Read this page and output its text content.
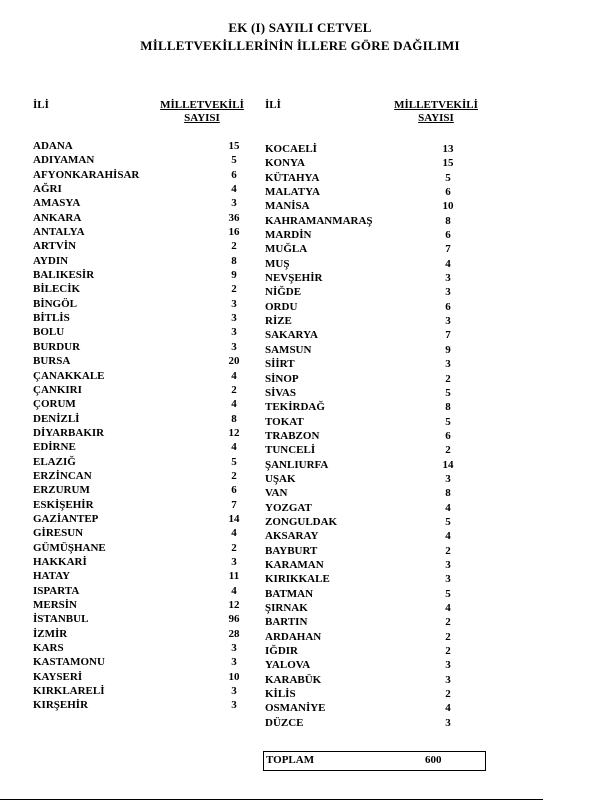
EK (I) SAYILI CETVEL
MİLLETVEKİLLERİNİN İLLERE GÖRE DAĞILIMI
İLİ	MİLLETVEKİLİ
SAYISI
İLİ	MİLLETVEKİLİ
SAYISI
ADANA	15
ADIYAMAN	5
AFYONKARAHİSAR	6
AĞRI	4
AMASYA	3
ANKARA	36
ANTALYA	16
ARTVİN	2
AYDIN	8
BALIKESİR	9
BİLECİK	2
BİNGÖL	3
BİTLİS	3
BOLU	3
BURDUR	3
BURSA	20
ÇANAKKALE	4
ÇANKIRI	2
ÇORUM	4
DENİZLİ	8
DİYARBAKIR	12
EDİRNE	4
ELAZIĞ	5
ERZİNCAN	2
ERZURUM	6
ESKİŞEHİR	7
GAZİANTEP	14
GİRESUN	4
GÜMÜŞHANE	2
HAKKARİ	3
HATAY	11
ISPARTA	4
MERSİN	12
İSTANBUL	96
İZMİR	28
KARS	3
KASTAMONU	3
KAYSERİ	10
KIRKLARELİ	3
KIRŞEHİR	3
KOCAELİ	13
KONYA	15
KÜTAHYA	5
MALATYA	6
MANİSA	10
KAHRAMANMARAŞ	8
MARDİN	6
MUĞLA	7
MUŞ	4
NEVŞEHİR	3
NİĞDE	3
ORDU	6
RİZE	3
SAKARYA	7
SAMSUN	9
SİİRT	3
SİNOP	2
SİVAS	5
TEKİRDAĞ	8
TOKAT	5
TRABZON	6
TUNCELİ	2
ŞANLIURFA	14
UŞAK	3
VAN	8
YOZGAT	4
ZONGULDAK	5
AKSARAY	4
BAYBURT	2
KARAMAN	3
KIRIKKALE	3
BATMAN	5
ŞIRNAK	4
BARTIN	2
ARDAHAN	2
IĞDIR	2
YALOVA	3
KARABÜK	3
KİLİS	2
OSMANİYE	4
DÜZCE	3
TOPLAM	600
